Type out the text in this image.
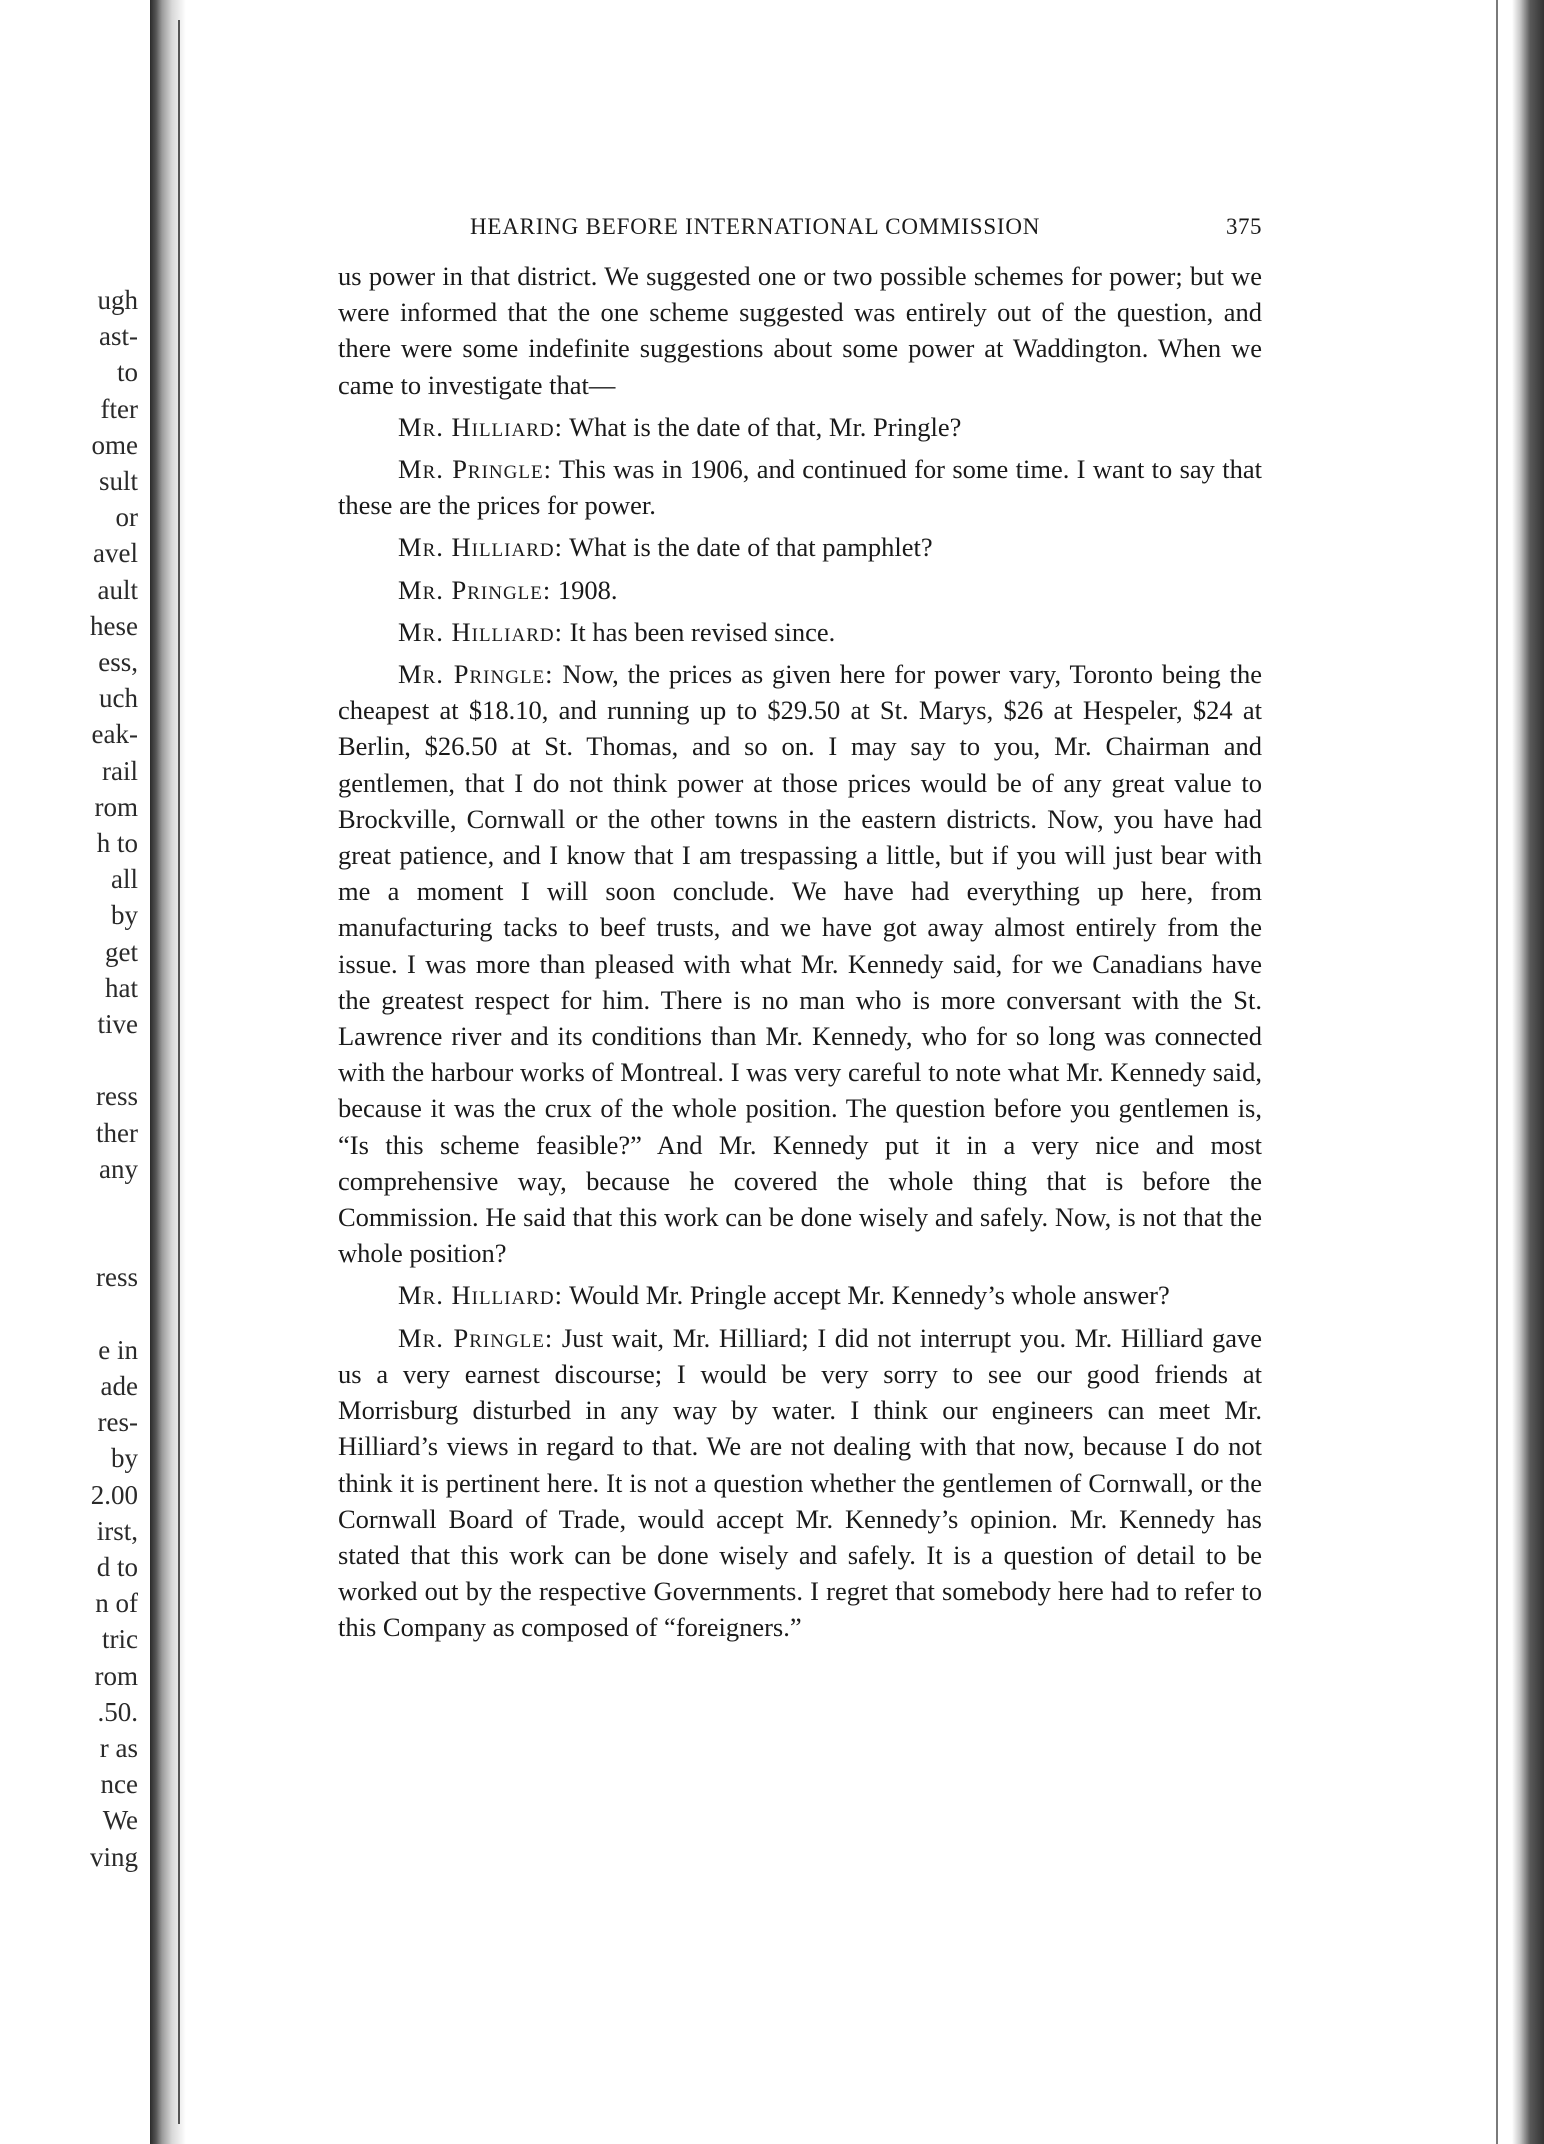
ugh
ast-
to
fter
ome
sult
or
avel
ault
hese
ess,
uch
eak-
rail
rom
h to
all
by
get
hat
tive
ress
ther
any
ress
e in
ade
res-
by
2.00
irst,
d to
n of
tric
rom
.50.
r as
nce
We
ving
HEARING BEFORE INTERNATIONAL COMMISSION	375

us power in that district. We suggested one or two possible schemes for power; but we were informed that the one scheme suggested was entirely out of the question, and there were some indefinite suggestions about some power at Waddington. When we came to investigate that—

Mr. Hilliard: What is the date of that, Mr. Pringle?

Mr. Pringle: This was in 1906, and continued for some time. I want to say that these are the prices for power.

Mr. Hilliard: What is the date of that pamphlet?

Mr. Pringle: 1908.

Mr. Hilliard: It has been revised since.

Mr. Pringle: Now, the prices as given here for power vary, Toronto being the cheapest at $18.10, and running up to $29.50 at St. Marys, $26 at Hespeler, $24 at Berlin, $26.50 at St. Thomas, and so on. I may say to you, Mr. Chairman and gentlemen, that I do not think power at those prices would be of any great value to Brockville, Cornwall or the other towns in the eastern districts. Now, you have had great patience, and I know that I am trespassing a little, but if you will just bear with me a moment I will soon conclude. We have had everything up here, from manufacturing tacks to beef trusts, and we have got away almost entirely from the issue. I was more than pleased with what Mr. Kennedy said, for we Canadians have the greatest respect for him. There is no man who is more conversant with the St. Lawrence river and its conditions than Mr. Kennedy, who for so long was connected with the harbour works of Montreal. I was very careful to note what Mr. Kennedy said, because it was the crux of the whole position. The question before you gentlemen is, “Is this scheme feasible?” And Mr. Kennedy put it in a very nice and most comprehensive way, because he covered the whole thing that is before the Commission. He said that this work can be done wisely and safely. Now, is not that the whole position?

Mr. Hilliard: Would Mr. Pringle accept Mr. Kennedy’s whole answer?

Mr. Pringle: Just wait, Mr. Hilliard; I did not interrupt you. Mr. Hilliard gave us a very earnest discourse; I would be very sorry to see our good friends at Morrisburg disturbed in any way by water. I think our engineers can meet Mr. Hilliard’s views in regard to that. We are not dealing with that now, because I do not think it is pertinent here. It is not a question whether the gentlemen of Cornwall, or the Cornwall Board of Trade, would accept Mr. Kennedy’s opinion. Mr. Kennedy has stated that this work can be done wisely and safely. It is a question of detail to be worked out by the respective Governments. I regret that somebody here had to refer to this Company as composed of “foreigners.”
